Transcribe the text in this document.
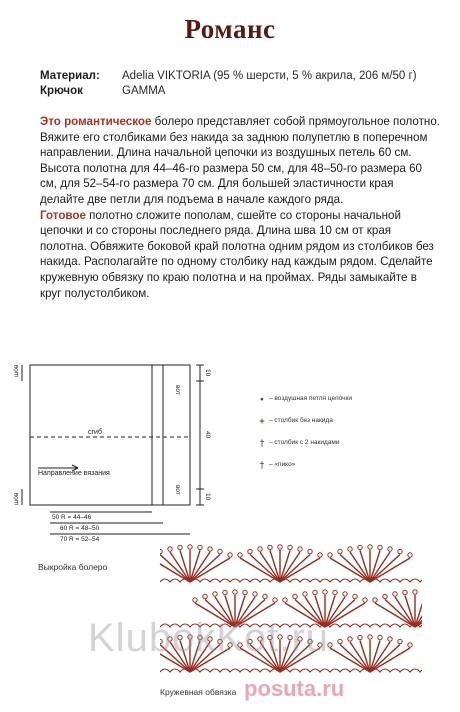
Романс
Материал:	Adelia VIKTORIA (95 % шерсти, 5 % акрила, 206 м/50 г)
Крючок	GAMMA

Это романтическое болеро представляет собой прямоугольное полотно. Вяжите его столбиками без накида за заднюю полупетлю в поперечном направлении. Длина начальной цепочки из воздушных петель 60 см. Высота полотна для 44–46-го размера 50 см, для 48–50-го размера 60 см, для 52–54-го размера 70 см. Для большей эластичности края делайте две петли для подъема в начале каждого ряда.

Готовое полотно сложите пополам, сшейте со стороны начальной цепочки и со стороны последнего ряда. Длина шва 10 см от края полотна. Обвяжите боковой край полотна одним рядом из столбиков без накида. Располагайте по одному столбику над каждым рядом. Сделайте кружевную обвязку по краю полотна и на проймах. Ряды замыкайте в круг полустолбиком.

шов
шов
сгиб
Направление вязания
вот
вот
10
40
10
50 R = 44–46
60 R = 48–50
70 R = 52–54
• – воздушная петля цепочки
+ – столбик без накида
† – столбик с 2 накидами
† – «пико»
Выкройка болеро
Кружевная обвязка
KlubokKot.ru
posuta.ru
